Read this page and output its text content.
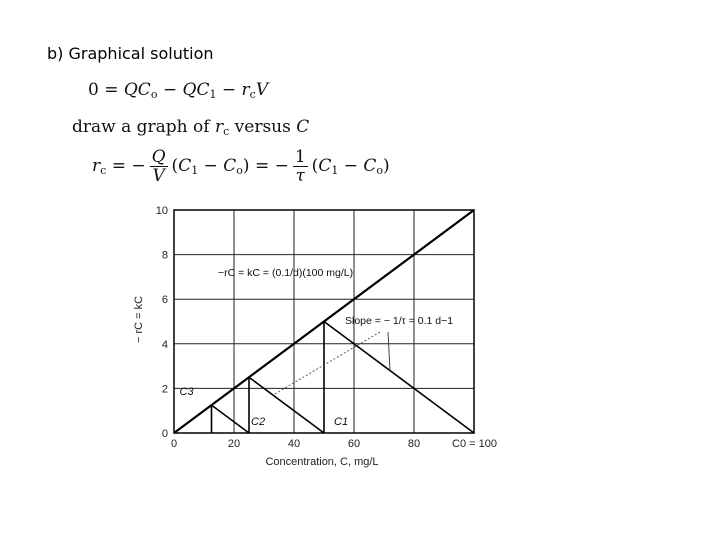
b) Graphical solution
$0 = QC_o - QC_1 - r_cV$
draw a graph of $r_c$ versus C
$r_c$ = − $\frac{Q}{V} (C_1 - C_o)$ = − $\frac{1}{\tau} (C_1 - C_o)$
0
2
4
6
8
10
0	20	40	60	80	C0 = 100
Concentration, C, mg/L
− rC = kC
−rC = kC = (0.1/d)(100 mg/L)
Slope = − 1/τ = 0.1 d−1
C1
C2
C3
